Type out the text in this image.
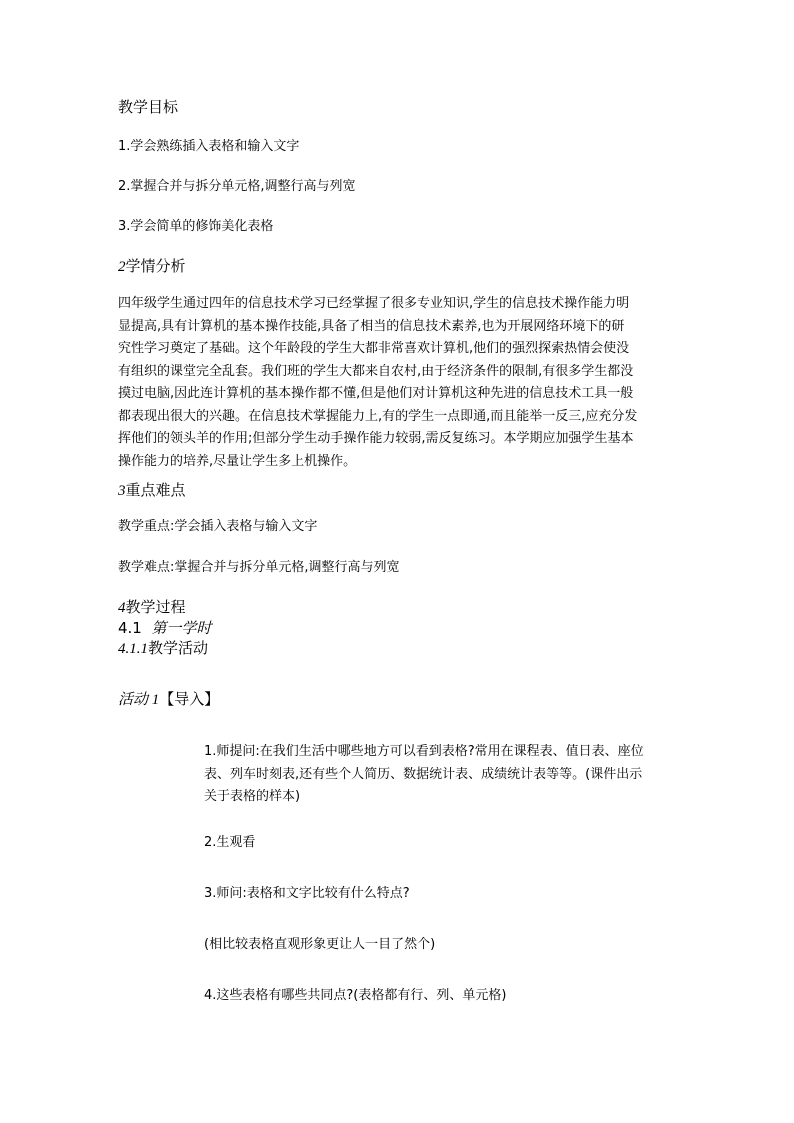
教学目标
1.学会熟练插入表格和输入文字
2.掌握合并与拆分单元格,调整行高与列宽
3.学会简单的修饰美化表格
2学情分析
四年级学生通过四年的信息技术学习已经掌握了很多专业知识,学生的信息技术操作能力明
显提高,具有计算机的基本操作技能,具备了相当的信息技术素养,也为开展网络环境下的研
究性学习奠定了基础。这个年龄段的学生大都非常喜欢计算机,他们的强烈探索热情会使没
有组织的课堂完全乱套。我们班的学生大都来自农村,由于经济条件的限制,有很多学生都没
摸过电脑,因此连计算机的基本操作都不懂,但是他们对计算机这种先进的信息技术工具一般
都表现出很大的兴趣。在信息技术掌握能力上,有的学生一点即通,而且能举一反三,应充分发
挥他们的领头羊的作用;但部分学生动手操作能力较弱,需反复练习。本学期应加强学生基本
操作能力的培养,尽量让学生多上机操作。
3重点难点
教学重点:学会插入表格与输入文字
教学难点:掌握合并与拆分单元格,调整行高与列宽
4教学过程
4.1 第一学时
4.1.1教学活动
活动 1【导入】
1.师提问:在我们生活中哪些地方可以看到表格?常用在课程表、值日表、座位
表、列车时刻表,还有些个人简历、数据统计表、成绩统计表等等。(课件出示
关于表格的样本)
2.生观看
3.师问:表格和文字比较有什么特点?
(相比较表格直观形象更让人一目了然个)
4.这些表格有哪些共同点?(表格都有行、列、单元格)
